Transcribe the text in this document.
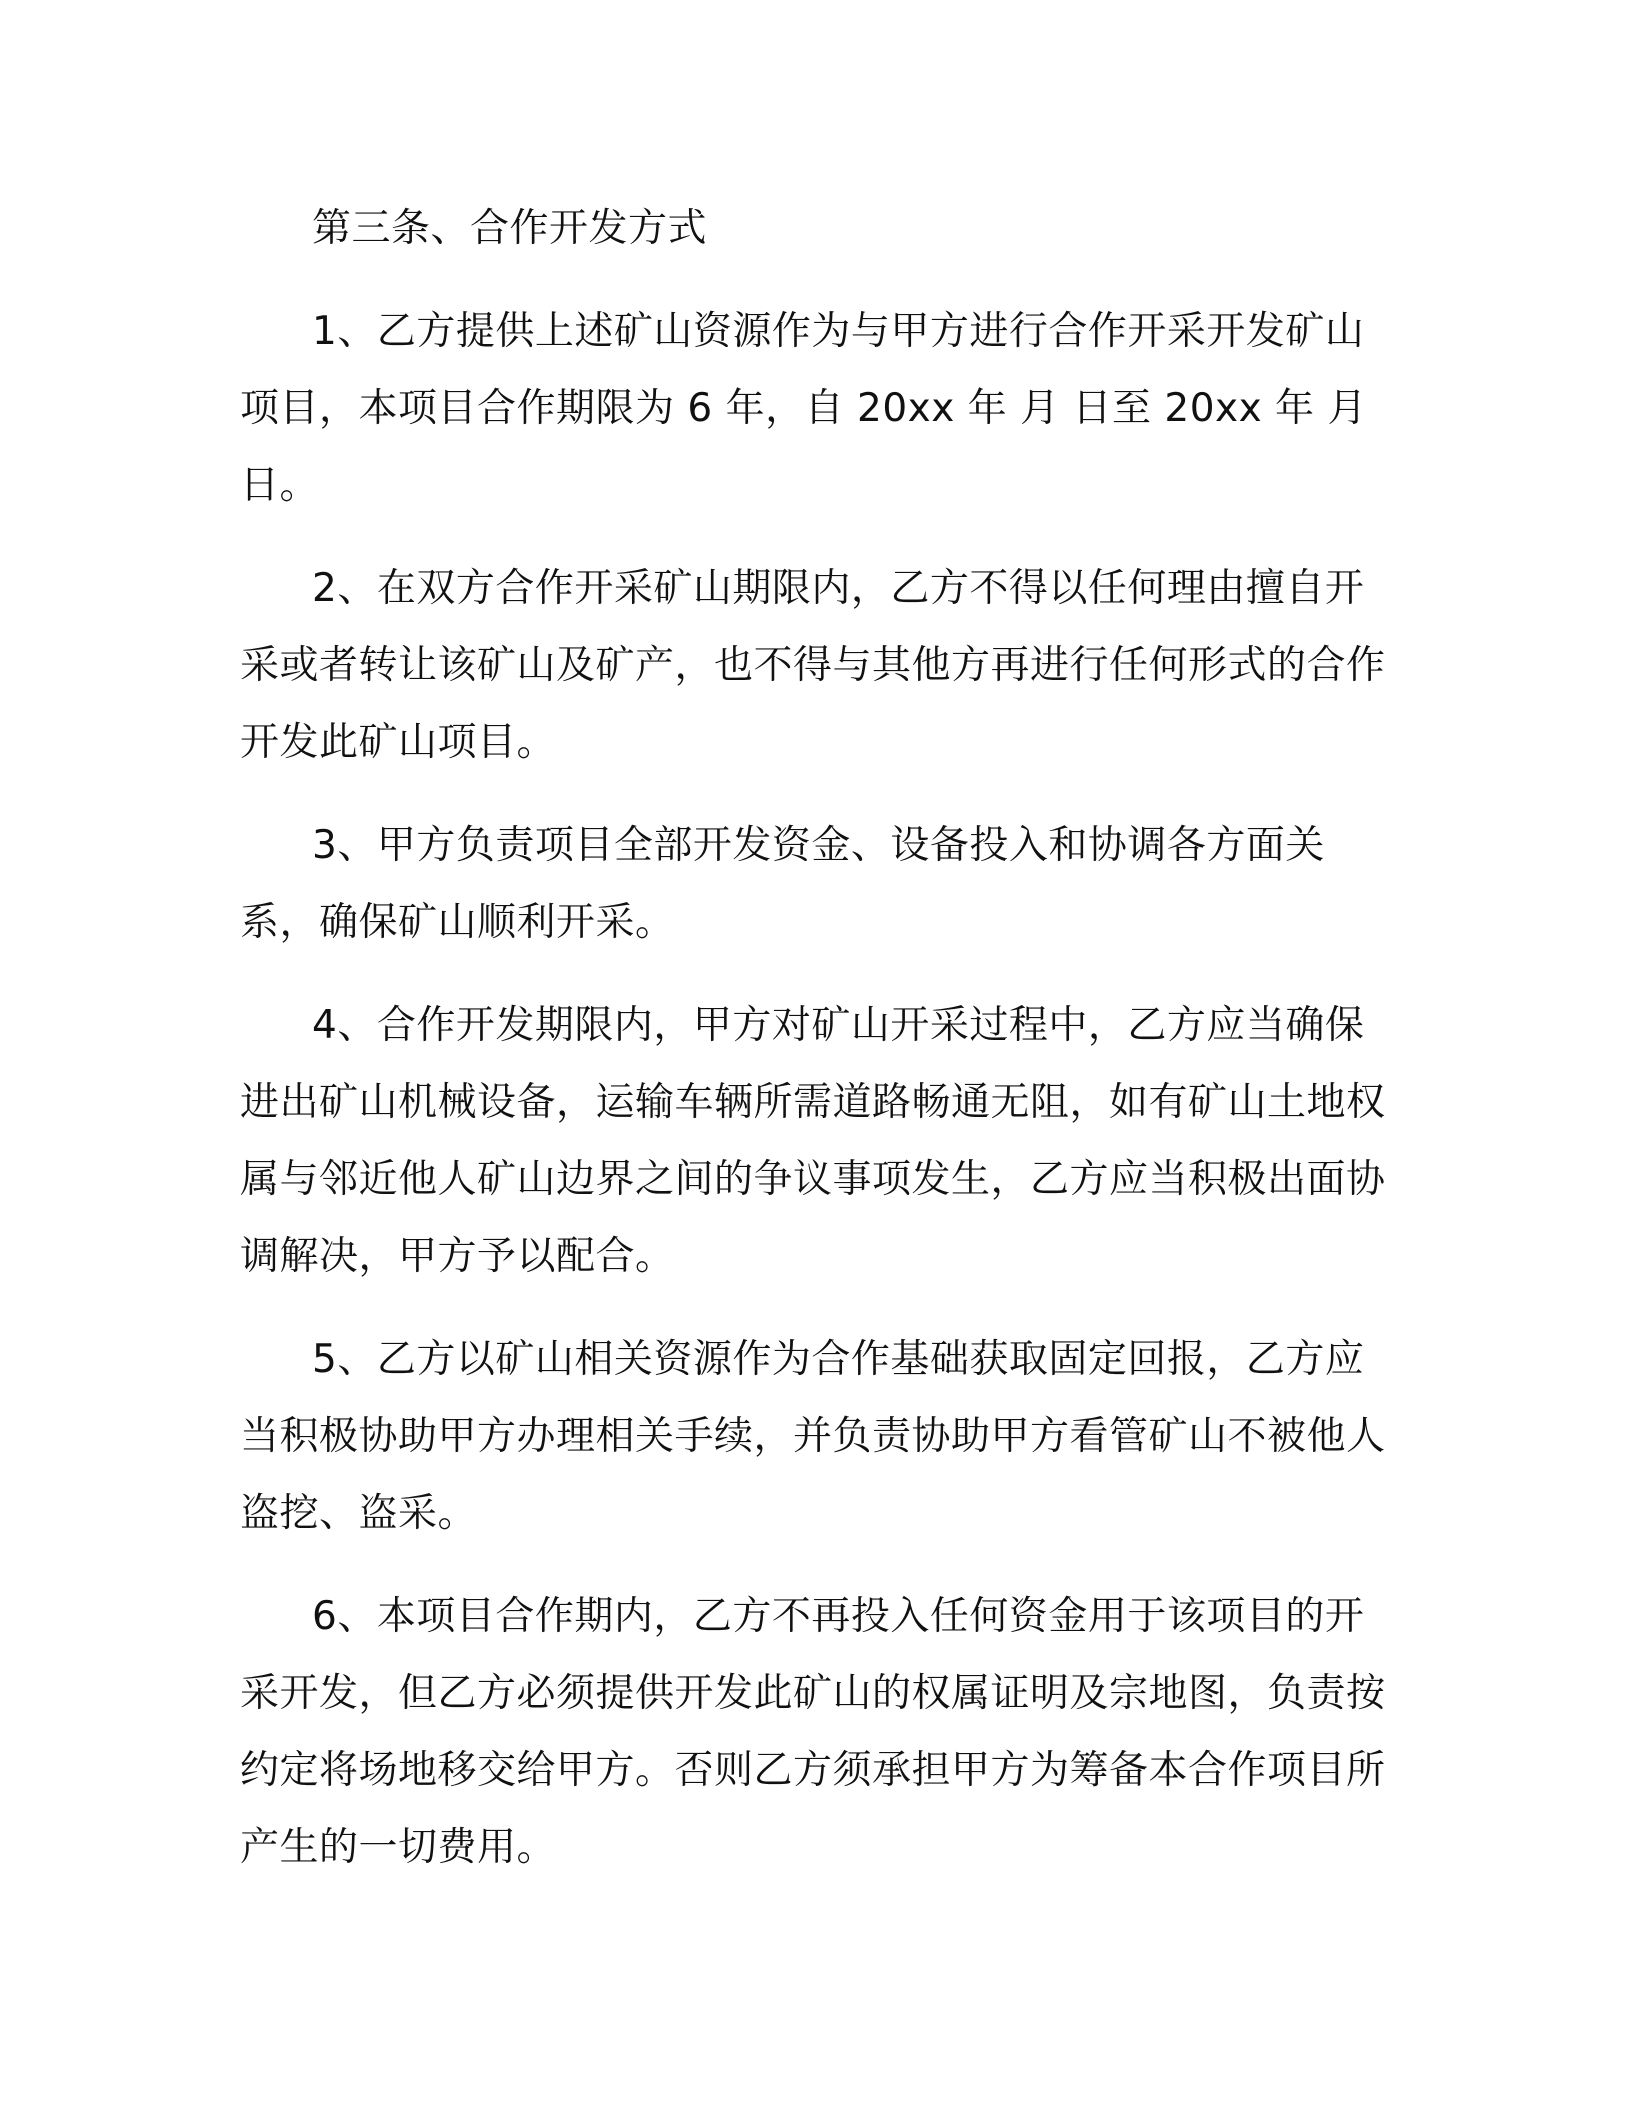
第三条、合作开发方式

1、乙方提供上述矿山资源作为与甲方进行合作开采开发矿山项目，本项目合作期限为 6 年，自 20xx 年 月 日至 20xx 年 月 日。

2、在双方合作开采矿山期限内，乙方不得以任何理由擅自开采或者转让该矿山及矿产，也不得与其他方再进行任何形式的合作开发此矿山项目。

3、甲方负责项目全部开发资金、设备投入和协调各方面关系，确保矿山顺利开采。

4、合作开发期限内，甲方对矿山开采过程中，乙方应当确保进出矿山机械设备，运输车辆所需道路畅通无阻，如有矿山土地权属与邻近他人矿山边界之间的争议事项发生，乙方应当积极出面协调解决，甲方予以配合。

5、乙方以矿山相关资源作为合作基础获取固定回报，乙方应当积极协助甲方办理相关手续，并负责协助甲方看管矿山不被他人盗挖、盗采。

6、本项目合作期内，乙方不再投入任何资金用于该项目的开采开发，但乙方必须提供开发此矿山的权属证明及宗地图，负责按约定将场地移交给甲方。否则乙方须承担甲方为筹备本合作项目所产生的一切费用。
